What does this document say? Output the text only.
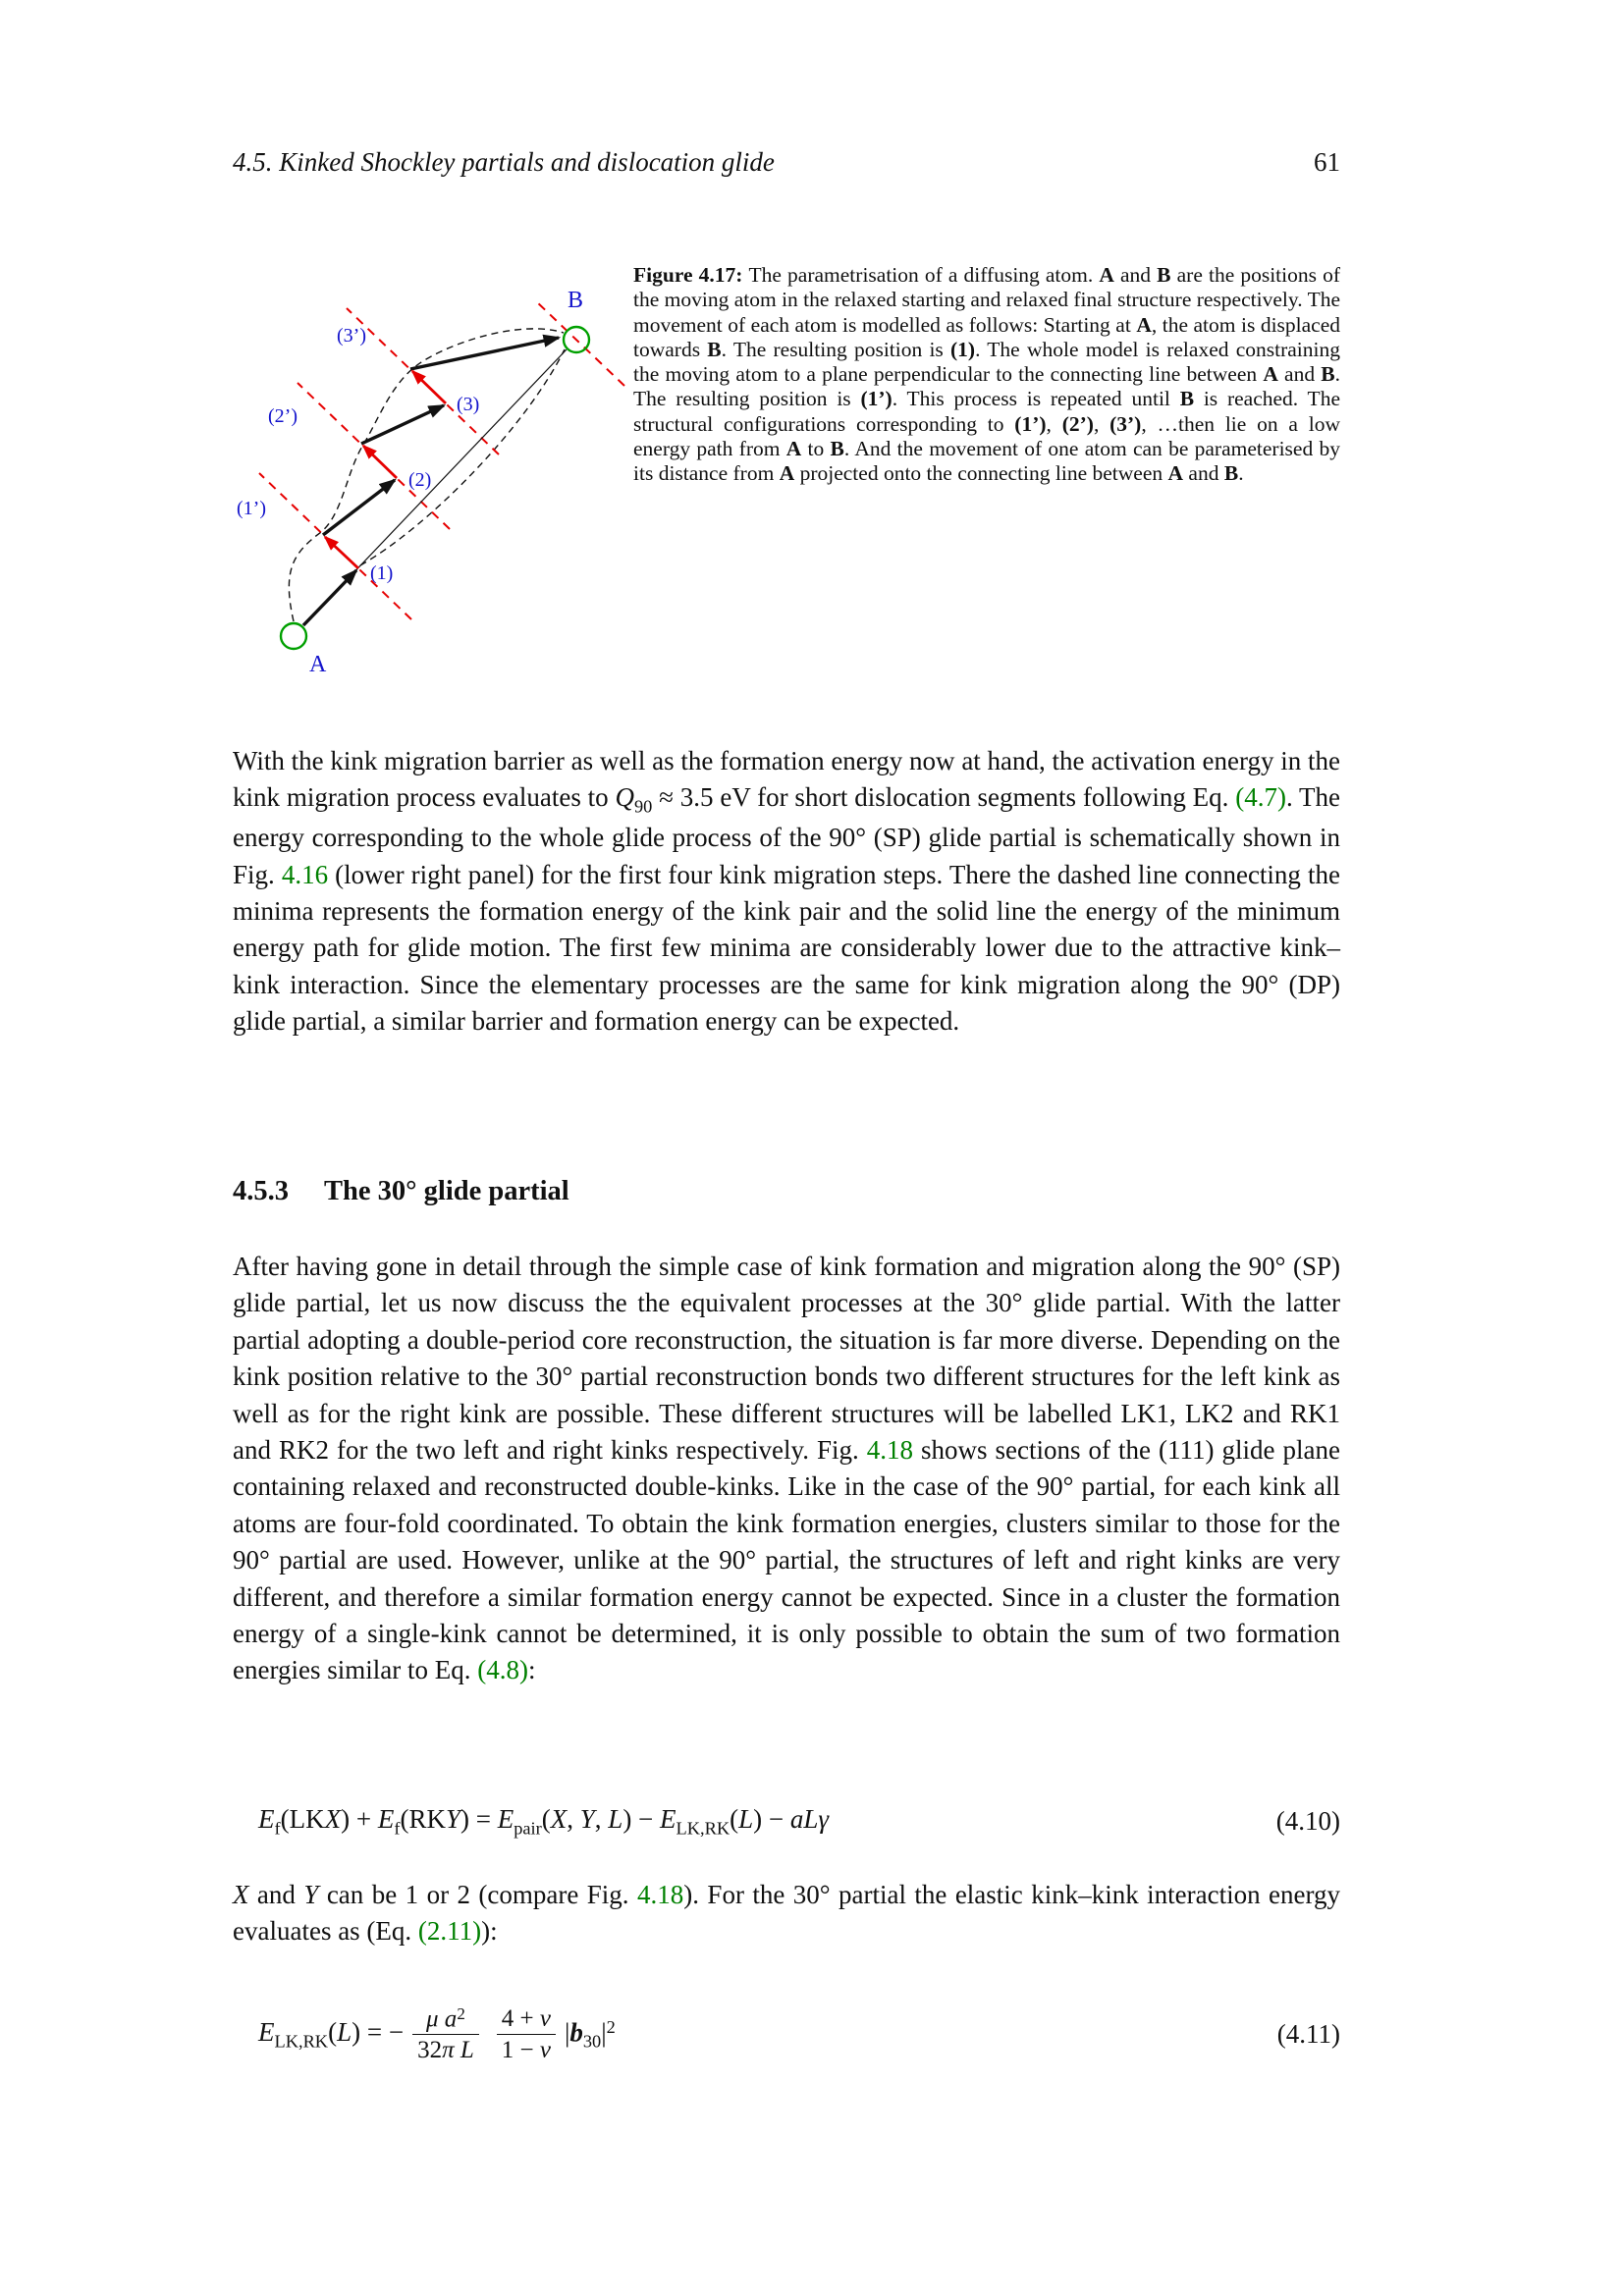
4.5. Kinked Shockley partials and dislocation glide	61
A
B
(1)
(1’)
(2)
(2’)
(3)
(3’)
Figure 4.17: The parametrisation of a diffusing atom. A and B are the positions of the moving atom in the relaxed starting and relaxed final structure respectively. The movement of each atom is modelled as follows: Starting at A, the atom is displaced towards B. The resulting position is (1). The whole model is relaxed constraining the moving atom to a plane perpendicular to the connecting line between A and B. The resulting position is (1’). This process is repeated until B is reached. The structural configurations corresponding to (1’), (2’), (3’), …then lie on a low energy path from A to B. And the movement of one atom can be parameterised by its distance from A projected onto the connecting line between A and B.

With the kink migration barrier as well as the formation energy now at hand, the activation energy in the kink migration process evaluates to $Q_{90} \approx 3.5$ eV for short dislocation segments following Eq. (4.7). The energy corresponding to the whole glide process of the 90° (SP) glide partial is schematically shown in Fig. 4.16 (lower right panel) for the first four kink migration steps. There the dashed line connecting the minima represents the formation energy of the kink pair and the solid line the energy of the minimum energy path for glide motion. The first few minima are considerably lower due to the attractive kink–kink interaction. Since the elementary processes are the same for kink migration along the 90° (DP) glide partial, a similar barrier and formation energy can be expected.

4.5.3 The 30° glide partial

After having gone in detail through the simple case of kink formation and migration along the 90° (SP) glide partial, let us now discuss the the equivalent processes at the 30° glide partial. With the latter partial adopting a double-period core reconstruction, the situation is far more diverse. Depending on the kink position relative to the 30° partial reconstruction bonds two different structures for the left kink as well as for the right kink are possible. These different structures will be labelled LK1, LK2 and RK1 and RK2 for the two left and right kinks respectively. Fig. 4.18 shows sections of the (111) glide plane containing relaxed and reconstructed double-kinks. Like in the case of the 90° partial, for each kink all atoms are four-fold coordinated. To obtain the kink formation energies, clusters similar to those for the 90° partial are used. However, unlike at the 90° partial, the structures of left and right kinks are very different, and therefore a similar formation energy cannot be expected. Since in a cluster the formation energy of a single-kink cannot be determined, it is only possible to obtain the sum of two formation energies similar to Eq. (4.8):

$E_f(LKX) + E_f(RKY) = E_{pair}(X$, Y, $L) - E_{LK,RK}(L) - aL\gamma$	(4.10)

X and Y can be 1 or 2 (compare Fig. 4.18). For the 30° partial the elastic kink–kink interaction energy evaluates as (Eq. (2.11)):

$E_{LK,RK}(L)$ = − $\frac{\mu a^2}{\text{32π L}} \frac{4 + \nu}{1 - \nu} |b_{30}|^2$	(4.11)
